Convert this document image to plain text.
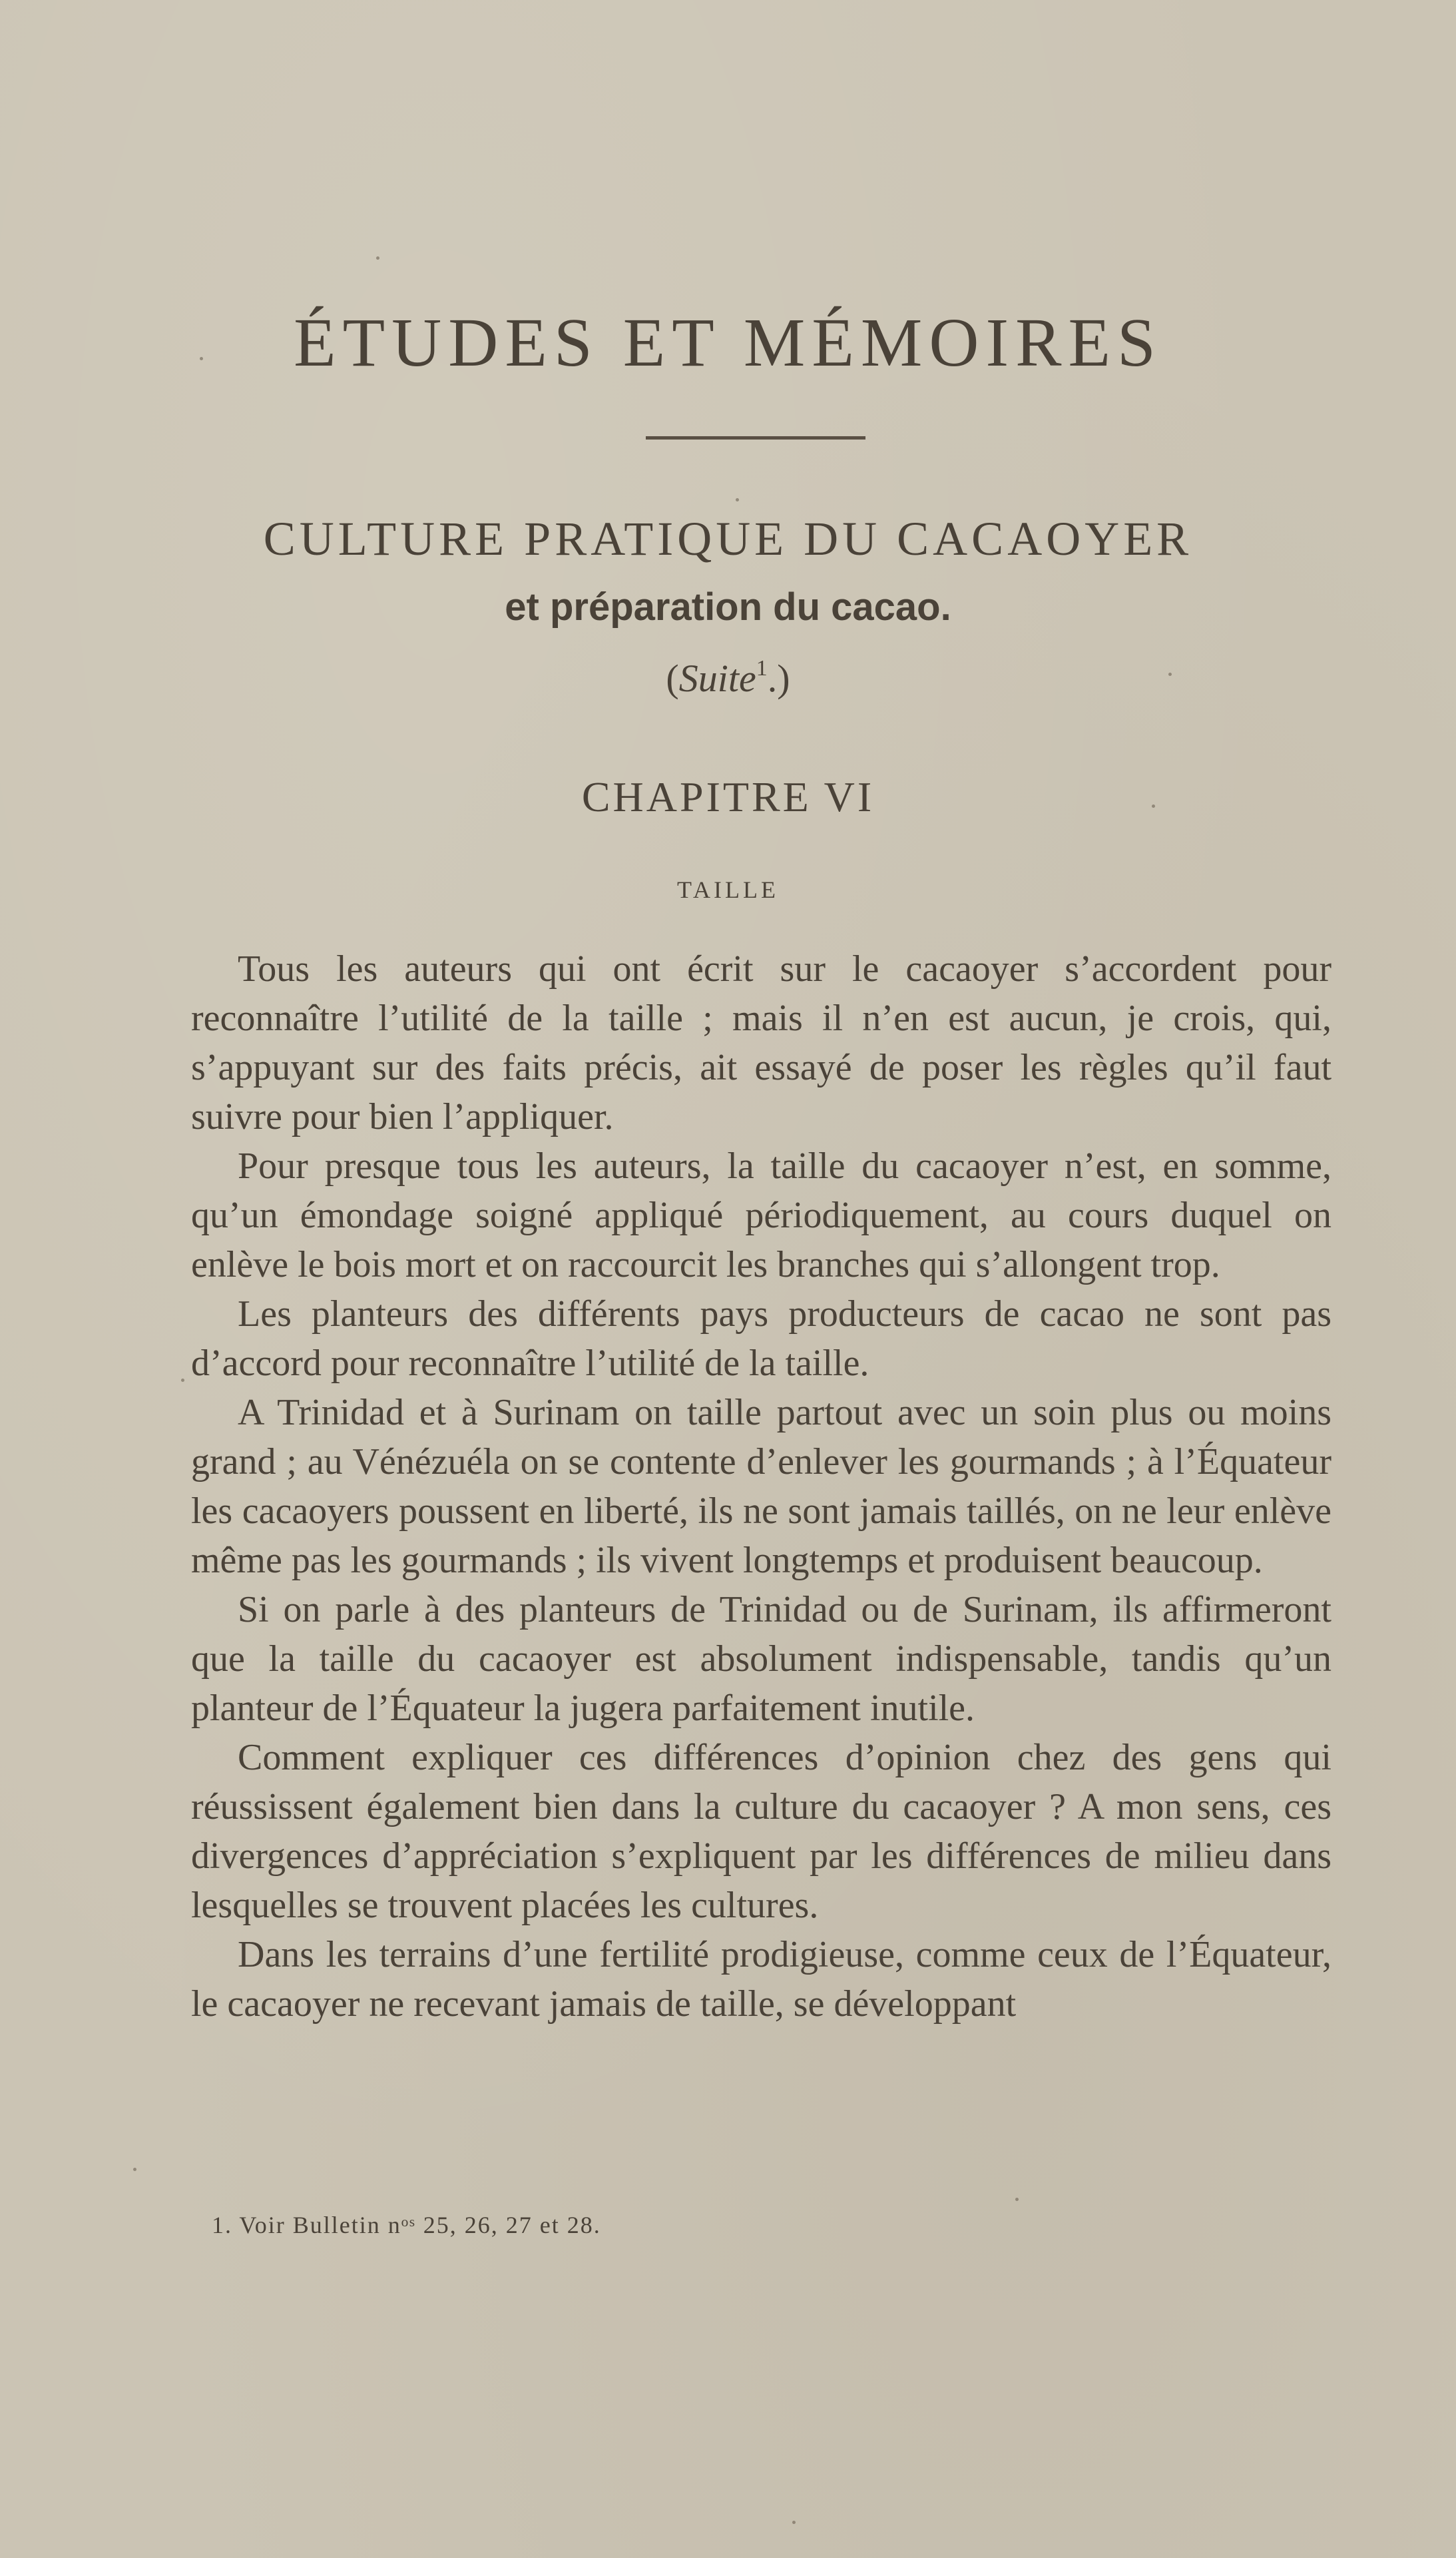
ÉTUDES ET MÉMOIRES
CULTURE PRATIQUE DU CACAOYER
et préparation du cacao.
(Suite$^1$.)
CHAPITRE VI
TAILLE

Tous les auteurs qui ont écrit sur le cacaoyer s’accordent pour reconnaître l’utilité de la taille ; mais il n’en est aucun, je crois, qui, s’appuyant sur des faits précis, ait essayé de poser les règles qu’il faut suivre pour bien l’appliquer.

Pour presque tous les auteurs, la taille du cacaoyer n’est, en somme, qu’un émondage soigné appliqué périodiquement, au cours duquel on enlève le bois mort et on raccourcit les branches qui s’allongent trop.

Les planteurs des différents pays producteurs de cacao ne sont pas d’accord pour reconnaître l’utilité de la taille.

A Trinidad et à Surinam on taille partout avec un soin plus ou moins grand ; au Vénézuéla on se contente d’enlever les gourmands ; à l’Équateur les cacaoyers poussent en liberté, ils ne sont jamais taillés, on ne leur enlève même pas les gourmands ; ils vivent longtemps et produisent beaucoup.

Si on parle à des planteurs de Trinidad ou de Surinam, ils affirmeront que la taille du cacaoyer est absolument indispensable, tandis qu’un planteur de l’Équateur la jugera parfaitement inutile.

Comment expliquer ces différences d’opinion chez des gens qui réussissent également bien dans la culture du cacaoyer ? A mon sens, ces divergences d’appréciation s’expliquent par les différences de milieu dans lesquelles se trouvent placées les cultures.

Dans les terrains d’une fertilité prodigieuse, comme ceux de l’Équateur, le cacaoyer ne recevant jamais de taille, se développant

1. Voir Bulletin nᵒˢ 25, 26, 27 et 28.
